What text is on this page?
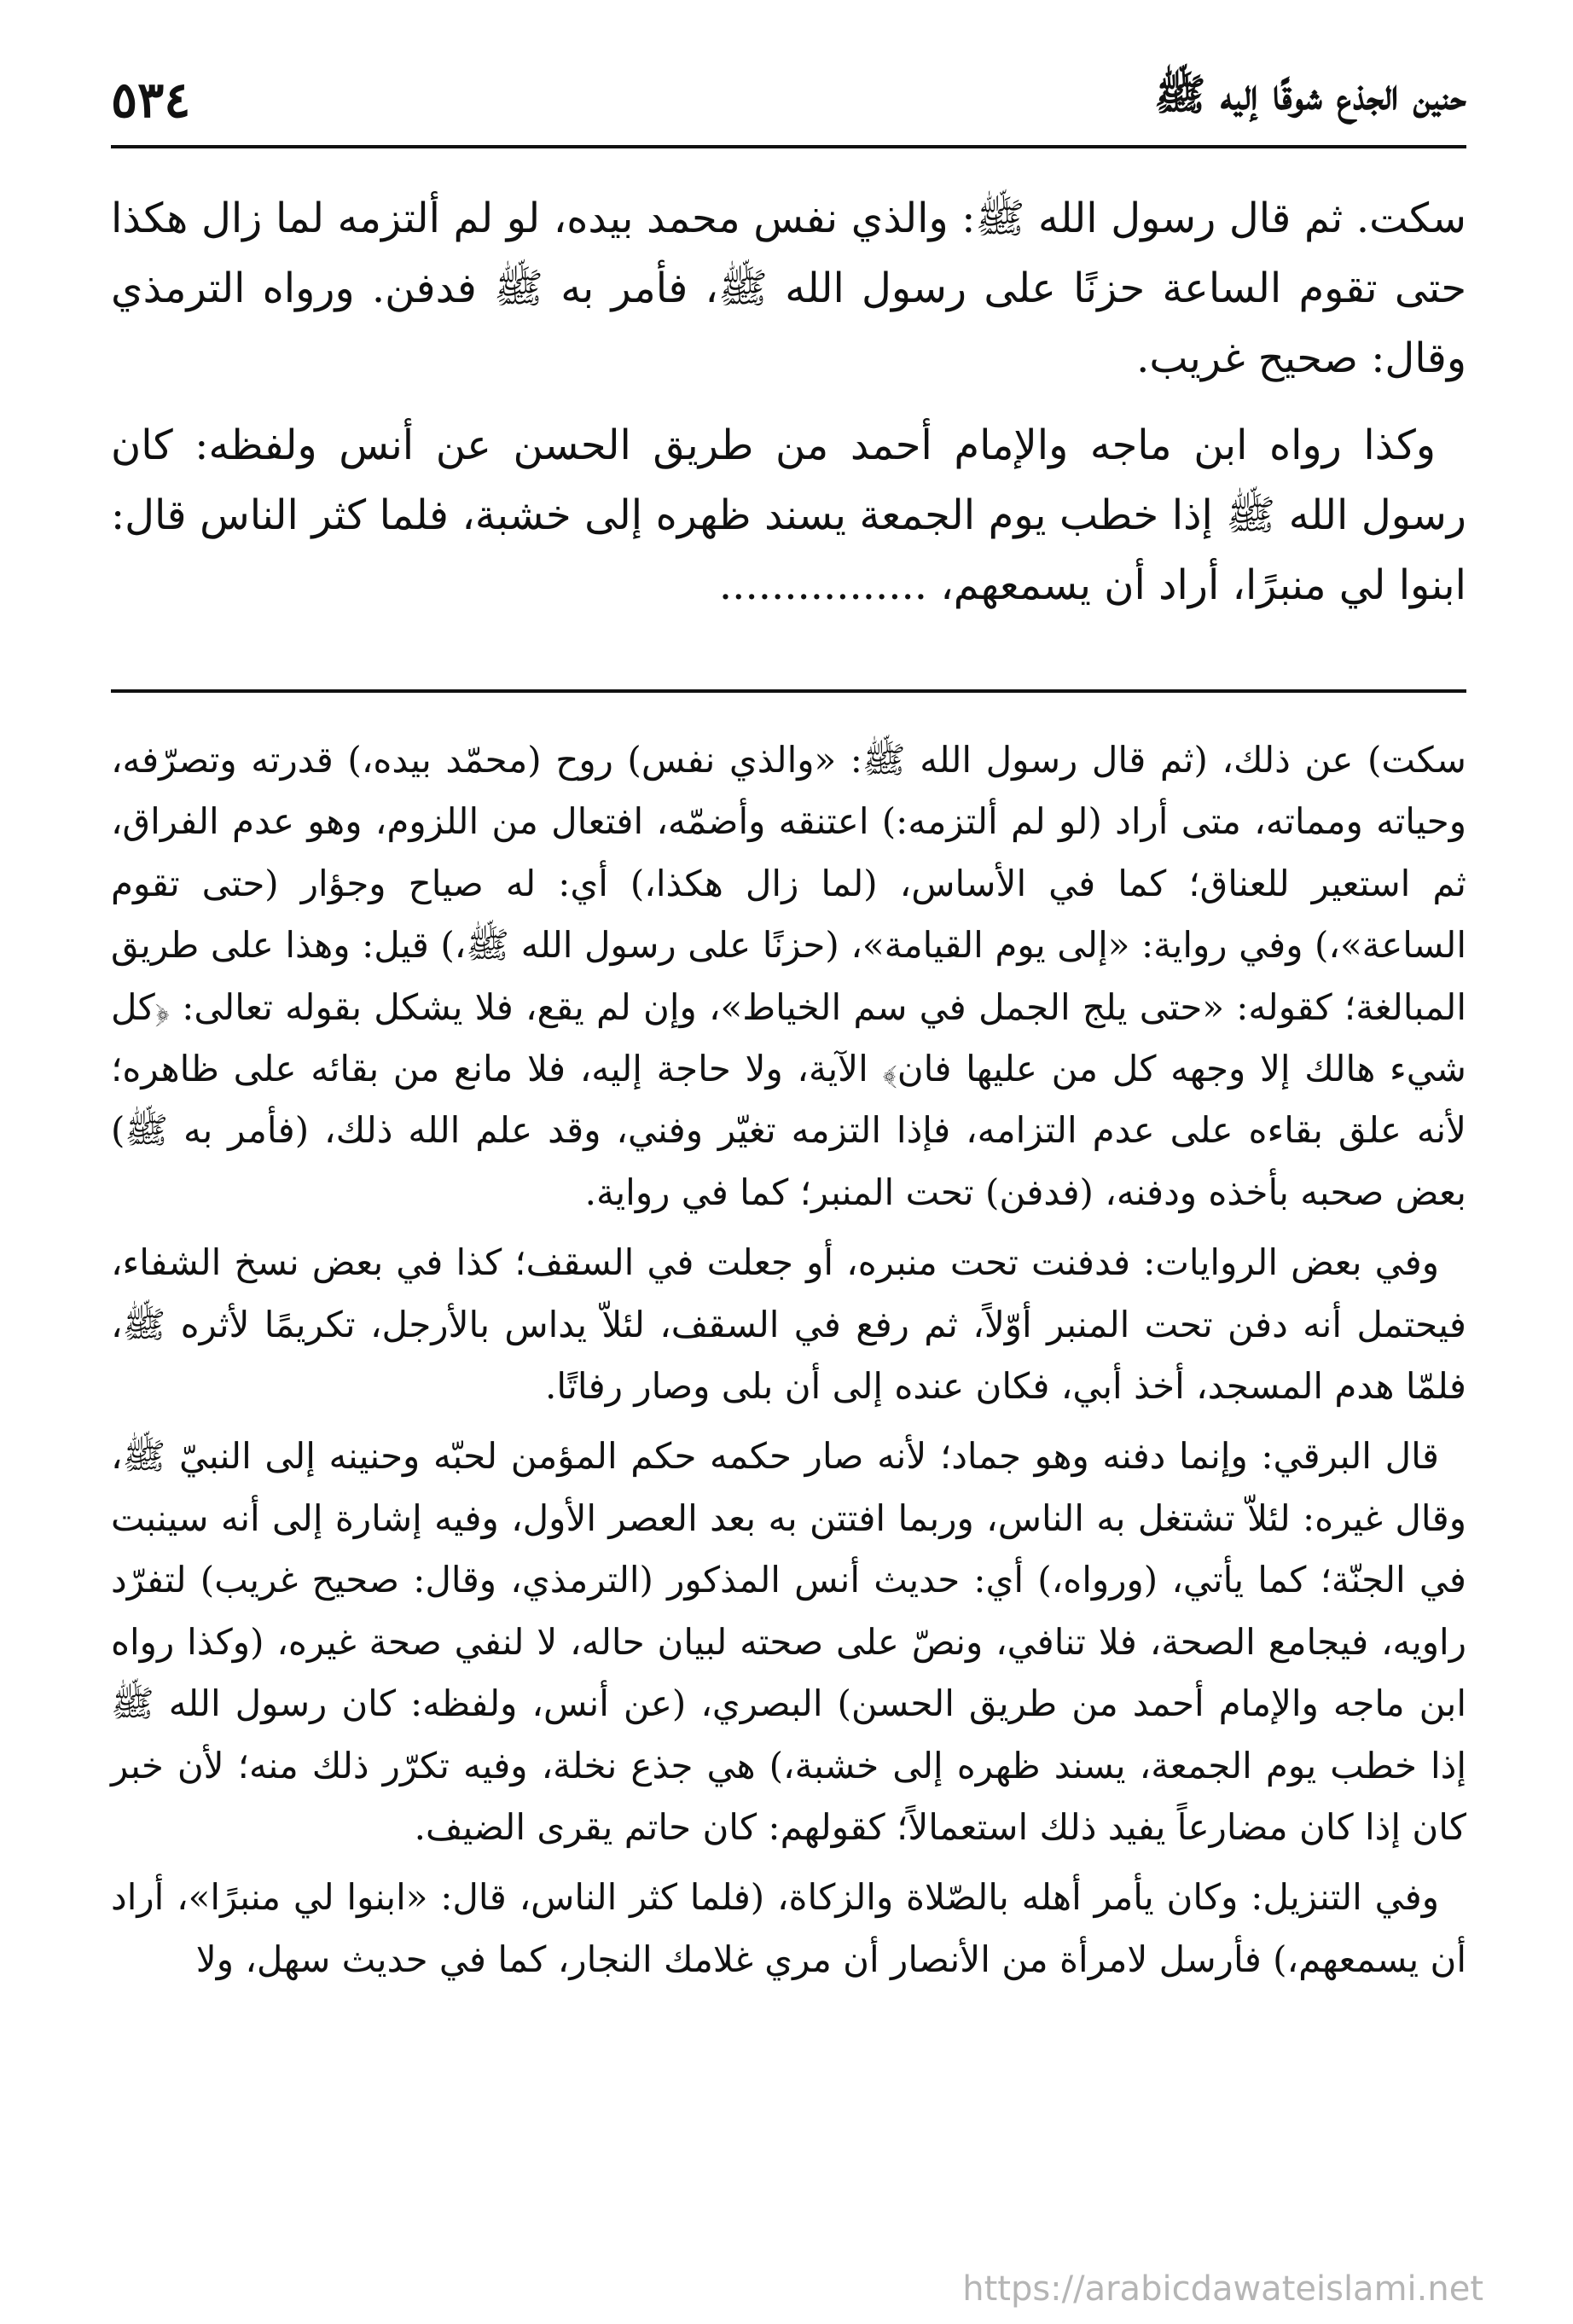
حنين الجذع شوقًا إليه ﷺ
٥٣٤

سكت. ثم قال رسول الله ﷺ: والذي نفس محمد بيده، لو لم ألتزمه لما زال هكذا حتى تقوم الساعة حزنًا على رسول الله ﷺ، فأمر به ﷺ فدفن. ورواه الترمذي وقال: صحيح غريب.

وكذا رواه ابن ماجه والإمام أحمد من طريق الحسن عن أنس ولفظه: كان رسول الله ﷺ إذا خطب يوم الجمعة يسند ظهره إلى خشبة، فلما كثر الناس قال: ابنوا لي منبرًا، أراد أن يسمعهم، ................

سكت) عن ذلك، (ثم قال رسول الله ﷺ: «والذي نفس) روح (محمّد بيده،) قدرته وتصرّفه، وحياته ومماته، متى أراد (لو لم ألتزمه:) اعتنقه وأضمّه، افتعال من اللزوم، وهو عدم الفراق، ثم استعير للعناق؛ كما في الأساس، (لما زال هكذا،) أي: له صياح وجؤار (حتى تقوم الساعة»،) وفي رواية: «إلى يوم القيامة»، (حزنًا على رسول الله ﷺ،) قيل: وهذا على طريق المبالغة؛ كقوله: «حتى يلج الجمل في سم الخياط»، وإن لم يقع، فلا يشكل بقوله تعالى: ﴿كل شيء هالك إلا وجهه كل من عليها فان﴾ الآية، ولا حاجة إليه، فلا مانع من بقائه على ظاهره؛ لأنه علق بقاءه على عدم التزامه، فإذا التزمه تغيّر وفني، وقد علم الله ذلك، (فأمر به ﷺ) بعض صحبه بأخذه ودفنه، (فدفن) تحت المنبر؛ كما في رواية.

وفي بعض الروايات: فدفنت تحت منبره، أو جعلت في السقف؛ كذا في بعض نسخ الشفاء، فيحتمل أنه دفن تحت المنبر أوّلاً، ثم رفع في السقف، لئلاّ يداس بالأرجل، تكريمًا لأثره ﷺ، فلمّا هدم المسجد، أخذ أبي، فكان عنده إلى أن بلى وصار رفاتًا.

قال البرقي: وإنما دفنه وهو جماد؛ لأنه صار حكمه حكم المؤمن لحبّه وحنينه إلى النبيّ ﷺ، وقال غيره: لئلاّ تشتغل به الناس، وربما افتتن به بعد العصر الأول، وفيه إشارة إلى أنه سينبت في الجنّة؛ كما يأتي، (ورواه،) أي: حديث أنس المذكور (الترمذي، وقال: صحيح غريب) لتفرّد راويه، فيجامع الصحة، فلا تنافي، ونصّ على صحته لبيان حاله، لا لنفي صحة غيره، (وكذا رواه ابن ماجه والإمام أحمد من طريق الحسن) البصري، (عن أنس، ولفظه: كان رسول الله ﷺ إذا خطب يوم الجمعة، يسند ظهره إلى خشبة،) هي جذع نخلة، وفيه تكرّر ذلك منه؛ لأن خبر كان إذا كان مضارعاً يفيد ذلك استعمالاً؛ كقولهم: كان حاتم يقرى الضيف.

وفي التنزيل: وكان يأمر أهله بالصّلاة والزكاة، (فلما كثر الناس، قال: «ابنوا لي منبرًا»، أراد أن يسمعهم،) فأرسل لامرأة من الأنصار أن مري غلامك النجار، كما في حديث سهل، ولا

https://arabicdawateislami.net
